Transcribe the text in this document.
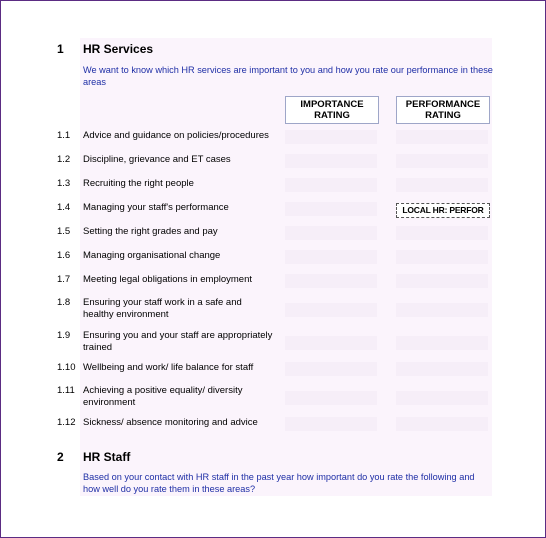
1 HR Services
We want to know which HR services are important to you and how you rate our performance in these areas
IMPORTANCE RATING
PERFORMANCE RATING
1.1 Advice and guidance on policies/procedures
1.2 Discipline, grievance and ET cases
1.3 Recruiting the right people
1.4 Managing your staff's performance	LOCAL HR: PERFOR
1.5 Setting the right grades and pay
1.6 Managing organisational change
1.7 Meeting legal obligations in employment
1.8 Ensuring your staff work in a safe and healthy environment
1.9 Ensuring you and your staff are appropriately trained
1.10 Wellbeing and work/ life balance for staff
1.11 Achieving a positive equality/ diversity environment
1.12 Sickness/ absence monitoring and advice
2 HR Staff
Based on your contact with HR staff in the past year how important do you rate the following and how well do you rate them in these areas?
